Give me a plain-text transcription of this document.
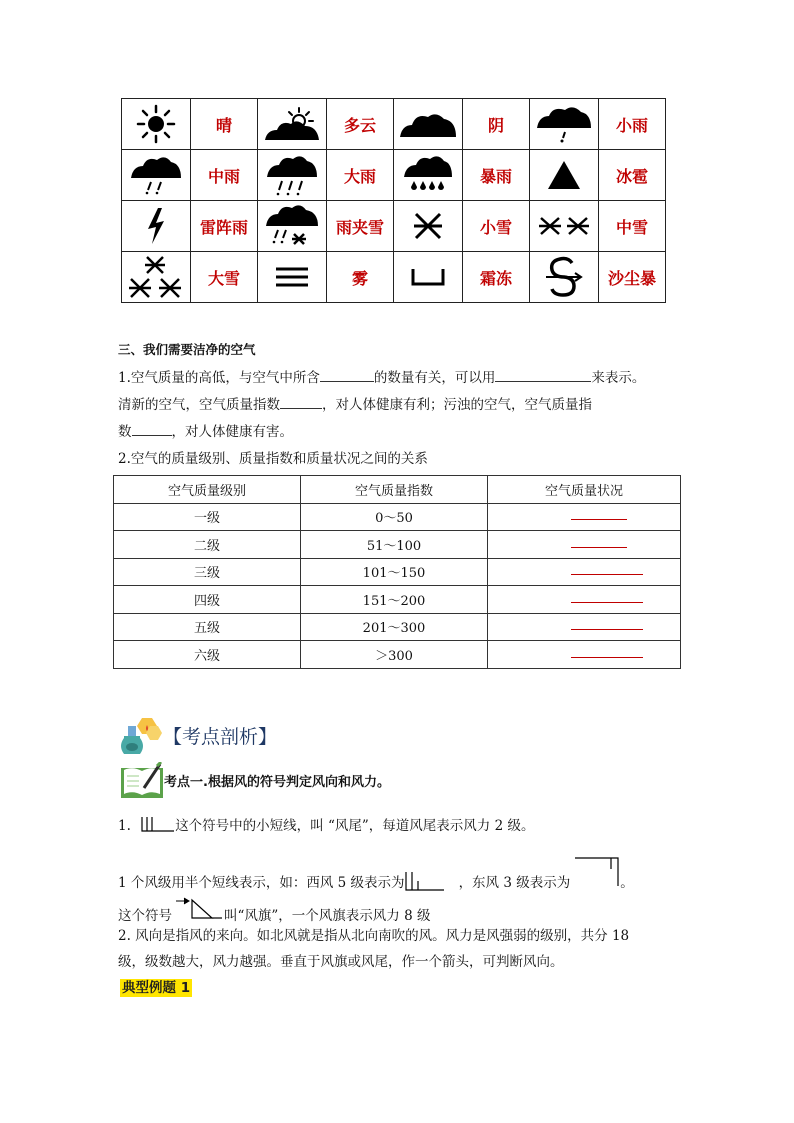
	晴		多云		阴		小雨

	中雨		大雨		暴雨		冰雹

	雷阵雨		雨夹雪		小雪		中雪

	大雪		雾		霜冻		沙尘暴
三、我们需要洁净的空气
1.空气质量的高低，与空气中所含	的数量有关，可以用	来表示。
清新的空气，空气质量指数	，对人体健康有利；污浊的空气，空气质量指
数	，对人体健康有害。
2.空气的质量级别、质量指数和质量状况之间的关系
空气质量级别	空气质量指数	空气质量状况
一级	0～50	
二级	51～100	
三级	101～150	
四级	151～200	
五级	201～300	
六级	＞300	
【考点剖析】
考点一.根据风的符号判定风向和风力。
1.	这个符号中的小短线，叫 “风尾”，每道风尾表示风力 2 级。
1 个风级用半个短线表示，如：西风 5 级表示为	，东风 3 级表示为	。
这个符号	叫“风旗”，一个风旗表示风力 8 级
2. 风向是指风的来向。如北风就是指从北向南吹的风。风力是风强弱的级别，共分 18
级，级数越大，风力越强。垂直于风旗或风尾，作一个箭头，可判断风向。
典型例题 1
